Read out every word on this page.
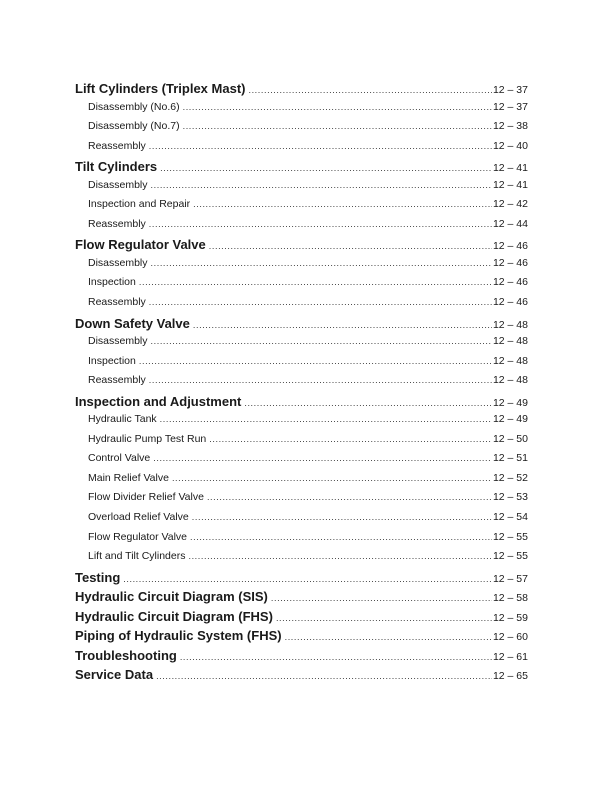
Lift Cylinders (Triplex Mast) .....	12 – 37
Disassembly (No.6) .....	12 – 37
Disassembly (No.7) .....	12 – 38
Reassembly .....	12 – 40
Tilt Cylinders .....	12 – 41
Disassembly .....	12 – 41
Inspection and Repair .....	12 – 42
Reassembly .....	12 – 44
Flow Regulator Valve .....	12 – 46
Disassembly .....	12 – 46
Inspection .....	12 – 46
Reassembly .....	12 – 46
Down Safety Valve .....	12 – 48
Disassembly .....	12 – 48
Inspection .....	12 – 48
Reassembly .....	12 – 48
Inspection and Adjustment .....	12 – 49
Hydraulic Tank .....	12 – 49
Hydraulic Pump Test Run .....	12 – 50
Control Valve .....	12 – 51
Main Relief Valve .....	12 – 52
Flow Divider Relief Valve .....	12 – 53
Overload Relief Valve .....	12 – 54
Flow Regulator Valve .....	12 – 55
Lift and Tilt Cylinders .....	12 – 55
Testing .....	12 – 57
Hydraulic Circuit Diagram (SIS) .....	12 – 58
Hydraulic Circuit Diagram (FHS) .....	12 – 59
Piping of Hydraulic System (FHS) .....	12 – 60
Troubleshooting .....	12 – 61
Service Data .....	12 – 65
